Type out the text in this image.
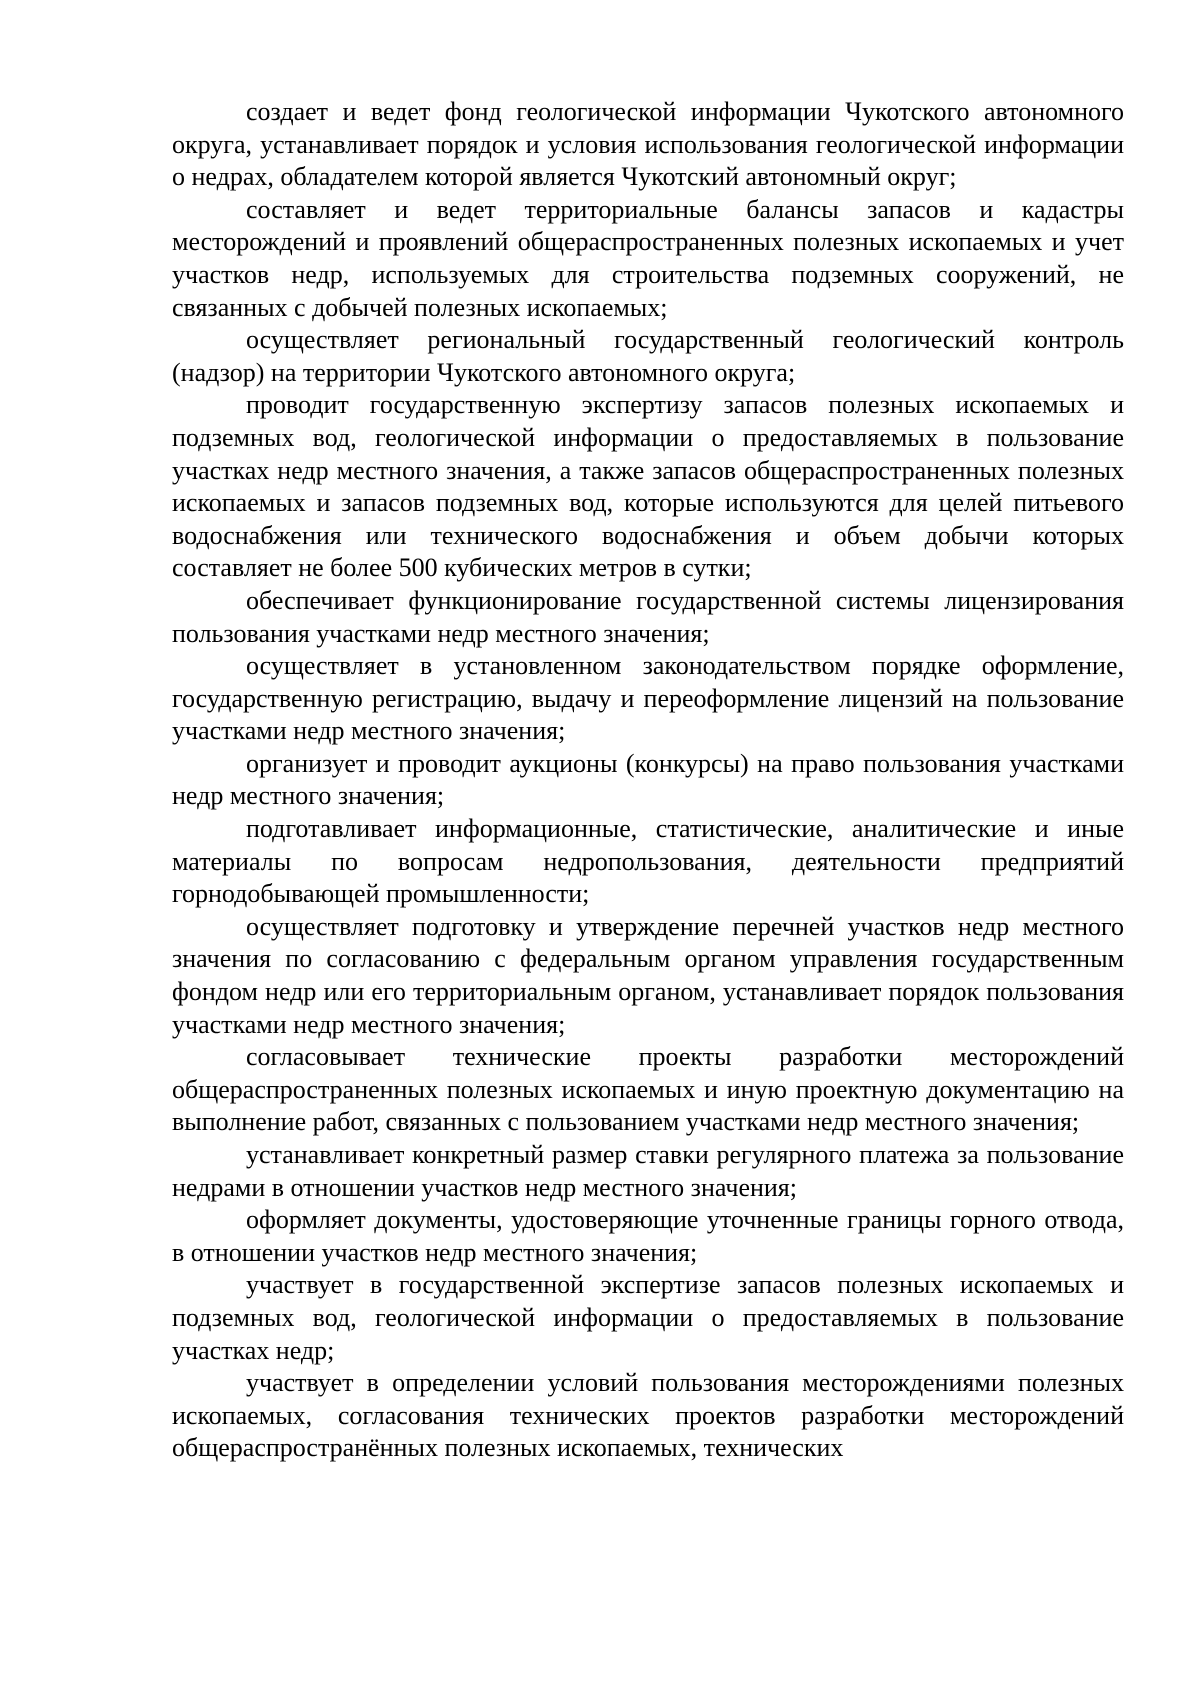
создает и ведет фонд геологической информации Чукотского автономного округа, устанавливает порядок и условия использования геологической информации о недрах, обладателем которой является Чукотский автономный округ;

составляет и ведет территориальные балансы запасов и кадастры месторождений и проявлений общераспространенных полезных ископаемых и учет участков недр, используемых для строительства подземных сооружений, не связанных с добычей полезных ископаемых;

осуществляет региональный государственный геологический контроль (надзор) на территории Чукотского автономного округа;

проводит государственную экспертизу запасов полезных ископаемых и подземных вод, геологической информации о предоставляемых в пользование участках недр местного значения, а также запасов общераспространенных полезных ископаемых и запасов подземных вод, которые используются для целей питьевого водоснабжения или технического водоснабжения и объем добычи которых составляет не более 500 кубических метров в сутки;

обеспечивает функционирование государственной системы лицензирования пользования участками недр местного значения;

осуществляет в установленном законодательством порядке оформление, государственную регистрацию, выдачу и переоформление лицензий на пользование участками недр местного значения;

организует и проводит аукционы (конкурсы) на право пользования участками недр местного значения;

подготавливает информационные, статистические, аналитические и иные материалы по вопросам недропользования, деятельности предприятий горнодобывающей промышленности;

осуществляет подготовку и утверждение перечней участков недр местного значения по согласованию с федеральным органом управления государственным фондом недр или его территориальным органом, устанавливает порядок пользования участками недр местного значения;

согласовывает технические проекты разработки месторождений общераспространенных полезных ископаемых и иную проектную документацию на выполнение работ, связанных с пользованием участками недр местного значения;

устанавливает конкретный размер ставки регулярного платежа за пользование недрами в отношении участков недр местного значения;

оформляет документы, удостоверяющие уточненные границы горного отвода, в отношении участков недр местного значения;

участвует в государственной экспертизе запасов полезных ископаемых и подземных вод, геологической информации о предоставляемых в пользование участках недр;

участвует в определении условий пользования месторождениями полезных ископаемых, согласования технических проектов разработки месторождений общераспространённых полезных ископаемых, технических
